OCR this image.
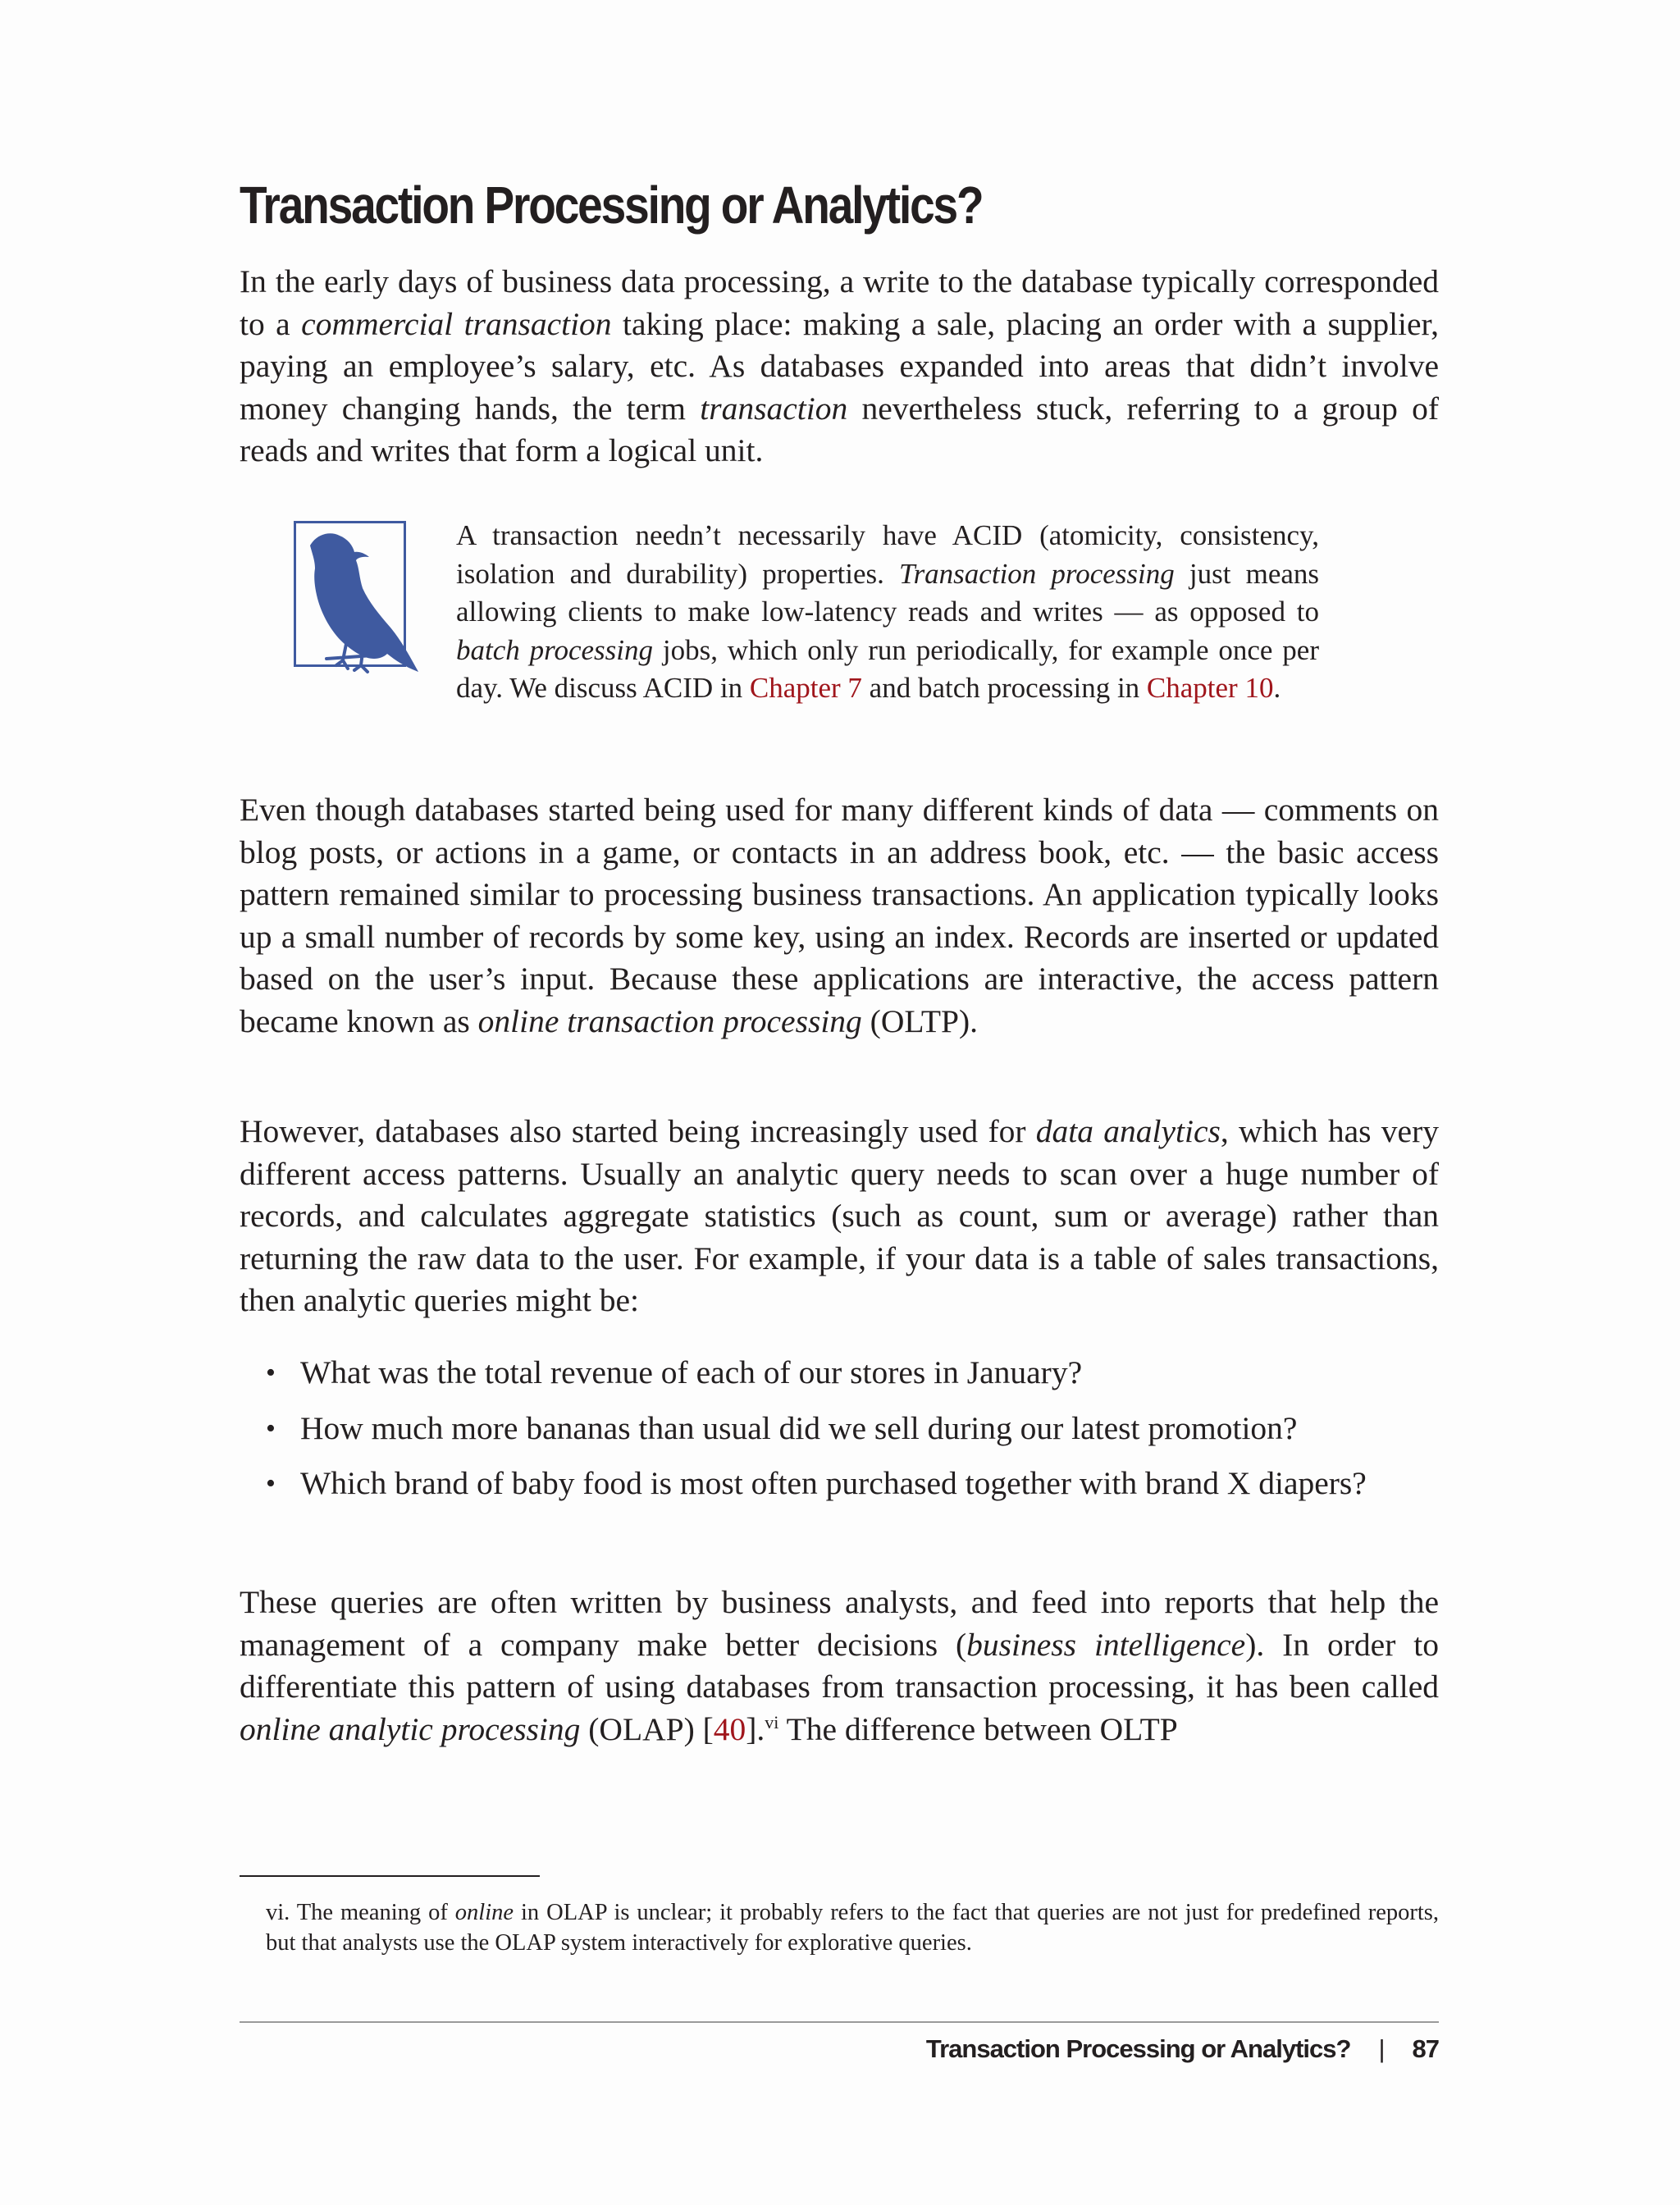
Transaction Processing or Analytics?

In the early days of business data processing, a write to the database typically corresponded to a commercial transaction taking place: making a sale, placing an order with a supplier, paying an employee’s salary, etc. As databases expanded into areas that didn’t involve money changing hands, the term transaction nevertheless stuck, referring to a group of reads and writes that form a logical unit.

A transaction needn’t necessarily have ACID (atomicity, consistency, isolation and durability) properties. Transaction processing just means allowing clients to make low-latency reads and writes — as opposed to batch processing jobs, which only run periodically, for example once per day. We discuss ACID in Chapter 7 and batch processing in Chapter 10.

Even though databases started being used for many different kinds of data — comments on blog posts, or actions in a game, or contacts in an address book, etc. — the basic access pattern remained similar to processing business transactions. An application typically looks up a small number of records by some key, using an index. Records are inserted or updated based on the user’s input. Because these applications are interactive, the access pattern became known as online transaction processing (OLTP).

However, databases also started being increasingly used for data analytics, which has very different access patterns. Usually an analytic query needs to scan over a huge number of records, and calculates aggregate statistics (such as count, sum or average) rather than returning the raw data to the user. For example, if your data is a table of sales transactions, then analytic queries might be:

• What was the total revenue of each of our stores in January?
• How much more bananas than usual did we sell during our latest promotion?
• Which brand of baby food is most often purchased together with brand X diapers?

These queries are often written by business analysts, and feed into reports that help the management of a company make better decisions (business intelligence). In order to differentiate this pattern of using databases from transaction processing, it has been called online analytic processing (OLAP) [40].$^{vi}$ The difference between OLTP

vi. The meaning of online in OLAP is unclear; it probably refers to the fact that queries are not just for predefined reports, but that analysts use the OLAP system interactively for explorative queries.

Transaction Processing or Analytics? | 87
